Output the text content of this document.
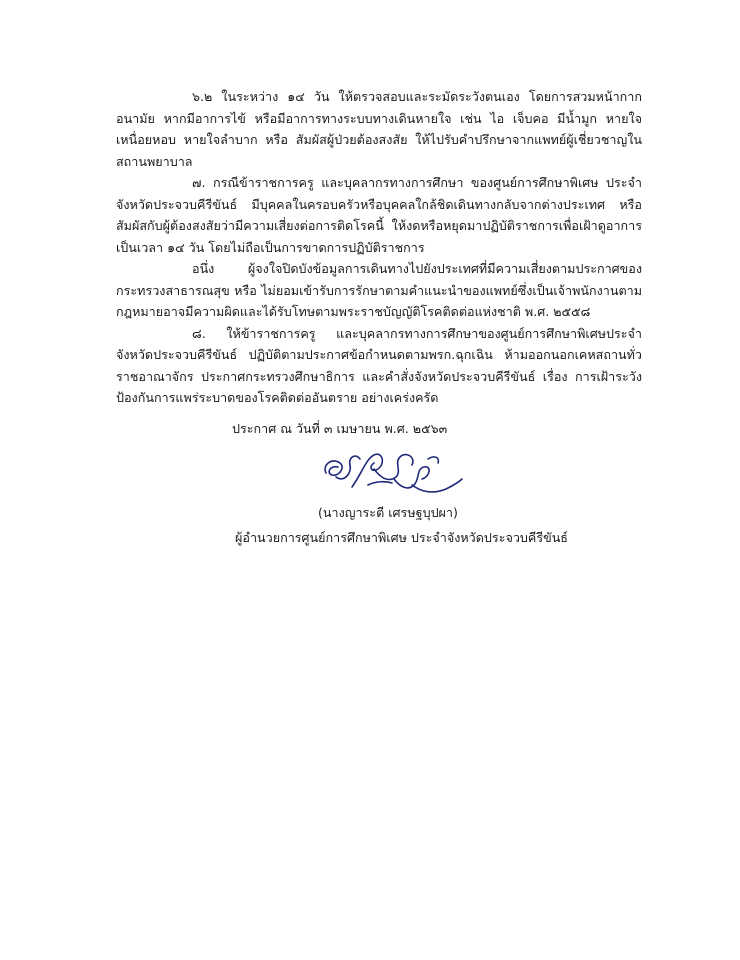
๖.๒ ในระหว่าง ๑๔ วัน ให้ตรวจสอบและระมัดระวังตนเอง โดยการสวมหน้ากากอนามัย หากมีอาการไข้ หรือมีอาการทางระบบทางเดินหายใจ เช่น ไอ เจ็บคอ มีน้ำมูก หายใจเหนื่อยหอบ หายใจลำบาก หรือ สัมผัสผู้ป่วยต้องสงสัย ให้ไปรับคำปรึกษาจากแพทย์ผู้เชี่ยวชาญในสถานพยาบาล

๗. กรณีข้าราชการครู และบุคลากรทางการศึกษา ของศูนย์การศึกษาพิเศษ ประจำจังหวัดประจวบคีรีขันธ์ มีบุคคลในครอบครัวหรือบุคคลใกล้ชิดเดินทางกลับจากต่างประเทศ หรือสัมผัสกับผู้ต้องสงสัยว่ามีความเสี่ยงต่อการติดโรคนี้ ให้งดหรือหยุดมาปฏิบัติราชการเพื่อเฝ้าดูอาการ เป็นเวลา ๑๔ วัน โดยไม่ถือเป็นการขาดการปฏิบัติราชการ

อนึ่ง ผู้จงใจปิดบังข้อมูลการเดินทางไปยังประเทศที่มีความเสี่ยงตามประกาศของกระทรวงสาธารณสุข หรือ ไม่ยอมเข้ารับการรักษาตามคำแนะนำของแพทย์ซึ่งเป็นเจ้าพนักงานตามกฎหมายอาจมีความผิดและได้รับโทษตามพระราชบัญญัติโรคติดต่อแห่งชาติ พ.ศ. ๒๕๕๘

๘. ให้ข้าราชการครู และบุคลากรทางการศึกษาของศูนย์การศึกษาพิเศษประจำจังหวัดประจวบคีรีขันธ์ ปฏิบัติตามประกาศข้อกำหนดตามพรก.ฉุกเฉิน ห้ามออกนอกเคหสถานทั่วราชอาณาจักร ประกาศกระทรวงศึกษาธิการ และคำสั่งจังหวัดประจวบคีรีขันธ์ เรื่อง การเฝ้าระวัง ป้องกันการแพร่ระบาดของโรคติดต่ออันตราย อย่างเคร่งครัด

ประกาศ ณ วันที่ ๓ เมษายน พ.ศ. ๒๕๖๓
(นางญาระตี เศรษฐบุปผา)
ผู้อำนวยการศูนย์การศึกษาพิเศษ ประจำจังหวัดประจวบคีรีขันธ์
